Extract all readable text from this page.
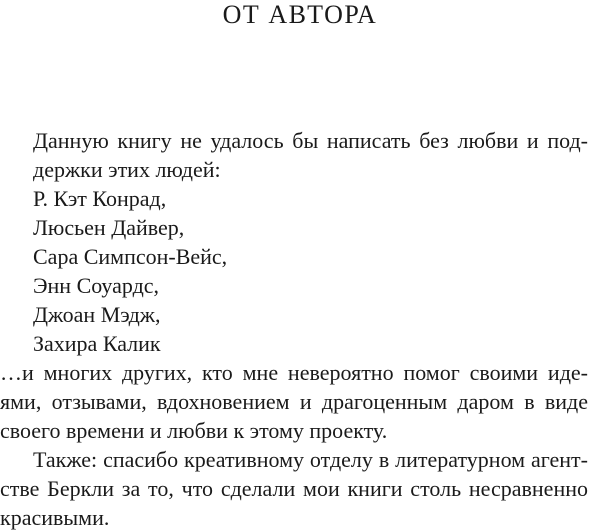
ОТ АВТОРА
Данную книгу не удалось бы написать без любви и под-
держки этих людей:
Р. Кэт Конрад,
Люсьен Дайвер,
Сара Симпсон-Вейс,
Энн Соуардс,
Джоан Мэдж,
Захира Калик
…и многих других, кто мне невероятно помог своими иде-
ями, отзывами, вдохновением и драгоценным даром в виде
своего времени и любви к этому проекту.
Также: спасибо креативному отделу в литературном агент-
стве Беркли за то, что сделали мои книги столь несравненно
красивыми.
